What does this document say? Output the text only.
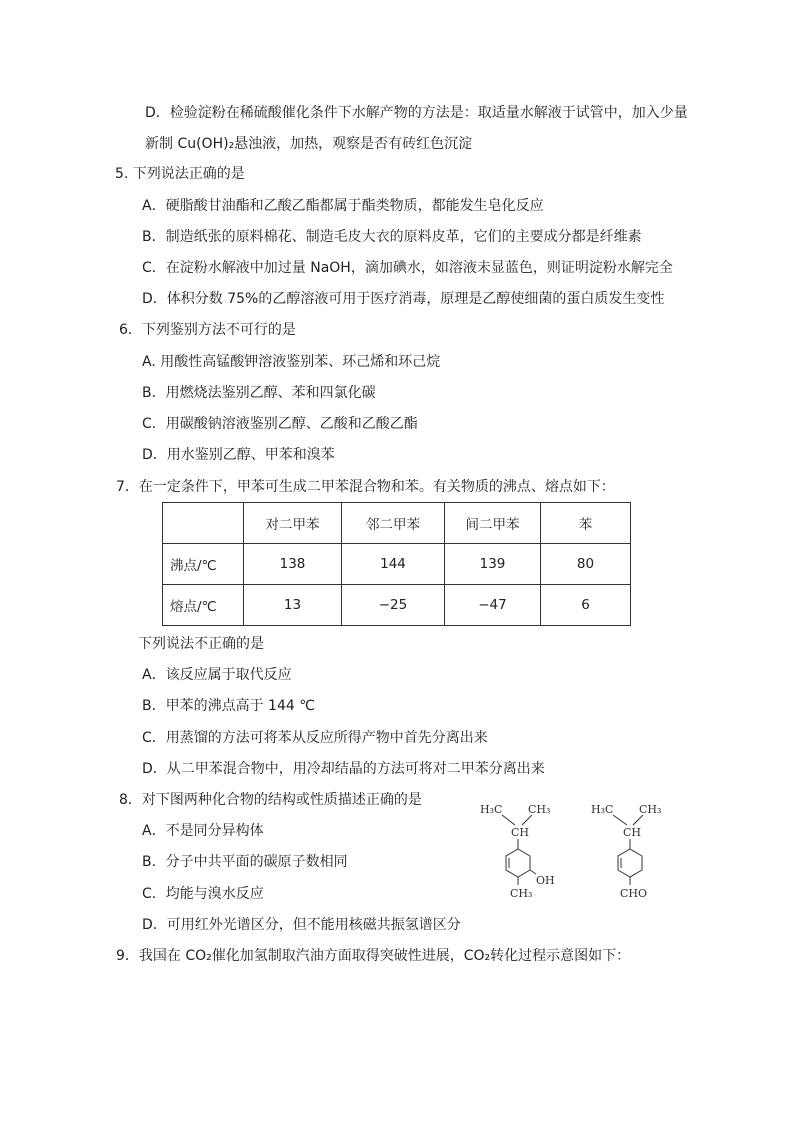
D．检验淀粉在稀硫酸催化条件下水解产物的方法是：取适量水解液于试管中，加入少量
新制 Cu(OH)₂悬浊液，加热，观察是否有砖红色沉淀
5. 下列说法正确的是
A．硬脂酸甘油酯和乙酸乙酯都属于酯类物质，都能发生皂化反应
B．制造纸张的原料棉花、制造毛皮大衣的原料皮革，它们的主要成分都是纤维素
C．在淀粉水解液中加过量 NaOH，滴加碘水，如溶液未显蓝色，则证明淀粉水解完全
D．体积分数 75%的乙醇溶液可用于医疗消毒，原理是乙醇使细菌的蛋白质发生变性
6．下列鉴别方法不可行的是
A. 用酸性高锰酸钾溶液鉴别苯、环己烯和环己烷
B．用燃烧法鉴别乙醇、苯和四氯化碳
C．用碳酸钠溶液鉴别乙醇、乙酸和乙酸乙酯
D．用水鉴别乙醇、甲苯和溴苯
7．在一定条件下，甲苯可生成二甲苯混合物和苯。有关物质的沸点、熔点如下：
	对二甲苯	邻二甲苯	间二甲苯	苯
沸点/℃	138	144	139	80
熔点/℃	13	−25	−47	6
下列说法不正确的是
A．该反应属于取代反应
B．甲苯的沸点高于 144 ℃
C．用蒸馏的方法可将苯从反应所得产物中首先分离出来
D．从二甲苯混合物中，用冷却结晶的方法可将对二甲苯分离出来
8．对下图两种化合物的结构或性质描述正确的是
A．不是同分异构体
B．分子中共平面的碳原子数相同
C．均能与溴水反应
D．可用红外光谱区分，但不能用核磁共振氢谱区分
H₃C CH₃
CH
OH
CH₃
H₃C CH₃
CH
CHO
9．我国在 CO₂催化加氢制取汽油方面取得突破性进展，CO₂转化过程示意图如下：
